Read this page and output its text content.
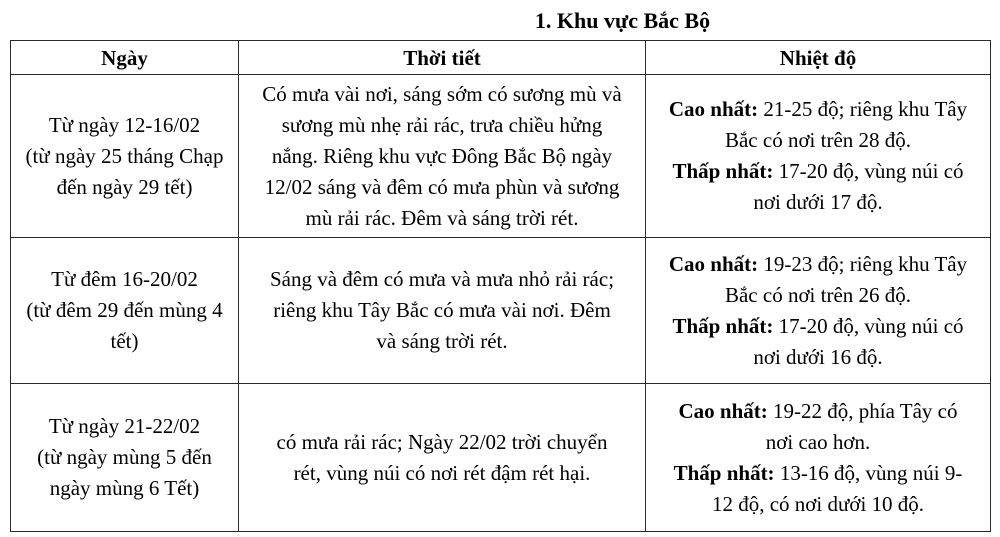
1. Khu vực Bắc Bộ
Ngày	Thời tiết	Nhiệt độ

Từ ngày 12-16/02
(từ ngày 25 tháng Chạp
đến ngày 29 tết)	Có mưa vài nơi, sáng sớm có sương mù và
sương mù nhẹ rải rác, trưa chiều hửng
nắng. Riêng khu vực Đông Bắc Bộ ngày
12/02 sáng và đêm có mưa phùn và sương
mù rải rác. Đêm và sáng trời rét.	Cao nhất: 21-25 độ; riêng khu Tây
Bắc có nơi trên 28 độ.
Thấp nhất: 17-20 độ, vùng núi có
nơi dưới 17 độ.

Từ đêm 16-20/02
(từ đêm 29 đến mùng 4
tết)	Sáng và đêm có mưa và mưa nhỏ rải rác;
riêng khu Tây Bắc có mưa vài nơi. Đêm
và sáng trời rét.	Cao nhất: 19-23 độ; riêng khu Tây
Bắc có nơi trên 26 độ.
Thấp nhất: 17-20 độ, vùng núi có
nơi dưới 16 độ.

Từ ngày 21-22/02
(từ ngày mùng 5 đến
ngày mùng 6 Tết)	có mưa rải rác; Ngày 22/02 trời chuyển
rét, vùng núi có nơi rét đậm rét hại.	Cao nhất: 19-22 độ, phía Tây có
nơi cao hơn.
Thấp nhất: 13-16 độ, vùng núi 9-
12 độ, có nơi dưới 10 độ.
